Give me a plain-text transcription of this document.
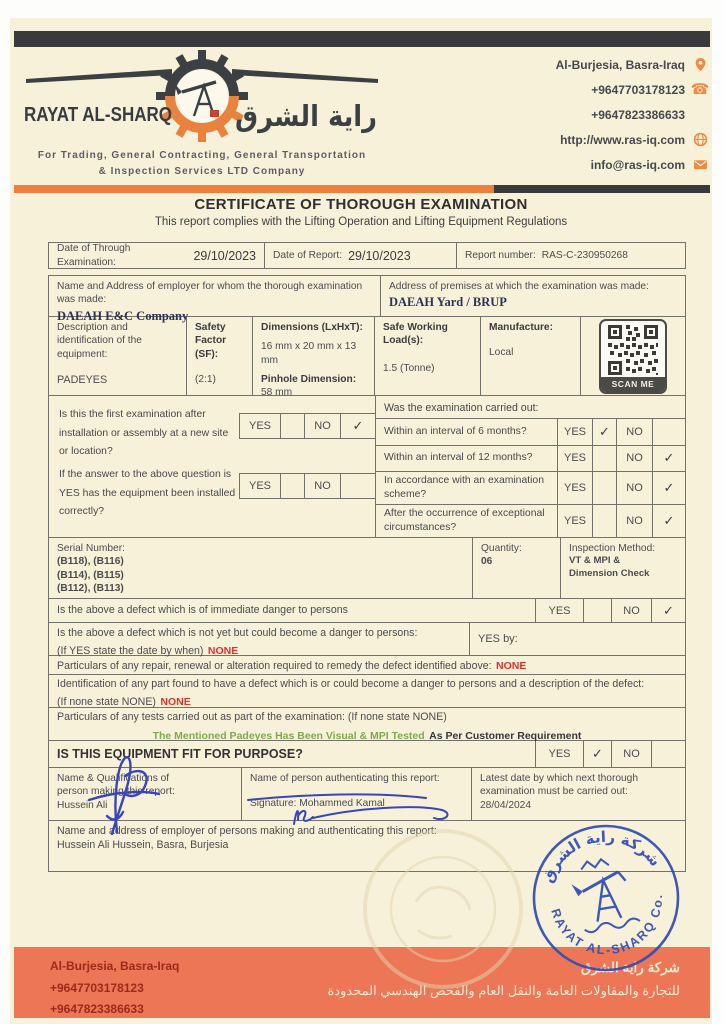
RAYAT AL-SHARQ راية الشرق
For Trading, General Contracting, General Transportation
& Inspection Services LTD Company
Al-Burjesia, Basra-Iraq
+9647703178123 ☎
+9647823386633
http://www.ras-iq.com
info@ras-iq.com
CERTIFICATE OF THOROUGH EXAMINATION
This report complies with the Lifting Operation and Lifting Equipment Regulations
Date of Through Examination:	29/10/2023 Date of Report: 29/10/2023	Report number: RAS-C-230950268
Name and Address of employer for whom the thorough examination was made:
DAEAH E&C Company
Address of premises at which the examination was made:
DAEAH Yard / BRUP
Description and identification of the equipment:
PADEYES
Safety Factor (SF):
(2:1)
Dimensions (LxHxT):
16 mm x 20 mm x 13 mm
Pinhole Dimension:
58 mm
Safe Working Load(s):
1.5 (Tonne)
Manufacture:
Local
SCAN ME
Is this the first examination after installation or assembly at a new site or location?
YES	NO	✓
If the answer to the above question is YES has the equipment been installed correctly?
YES	NO
Was the examination carried out:
Within an interval of 6 months?	YES	✓	NO
Within an interval of 12 months?	YES	NO	✓
In accordance with an examination scheme?
YES	NO	✓
After the occurrence of exceptional circumstances?
YES	NO	✓
Serial Number:
(B118), (B116)
(B114), (B115)
(B112), (B113)
Quantity:
06
Inspection Method:
VT & MPI &
Dimension Check
Is the above a defect which is of immediate danger to persons	YES	NO	✓
Is the above a defect which is not yet but could become a danger to persons:
(If YES state the date by when) NONE
YES by:
Particulars of any repair, renewal or alteration required to remedy the defect identified above: NONE
Identification of any part found to have a defect which is or could become a danger to persons and a description of the defect:
(If none state NONE) NONE
Particulars of any tests carried out as part of the examination: (If none state NONE)
The Mentioned Padeyes Has Been Visual & MPI Tested As Per Customer Requirement
IS THIS EQUIPMENT FIT FOR PURPOSE?	YES	✓	NO
Name & Qualifications of person making this report:
Hussein Ali
Name of person authenticating this report:
Signature: Mohammed Kamal
Latest date by which next thorough examination must be carried out:
28/04/2024
Name and address of employer of persons making and authenticating this report:
Hussein Ali Hussein, Basra, Burjesia
شركة راية الشرق
RAYAT AL-SHARQ Co.
Al-Burjesia, Basra-Iraq
+9647703178123
+9647823386633
شركة راية الشرق
للتجارة والمقاولات العامة والنقل العام والفحص الهندسي المحدودة
